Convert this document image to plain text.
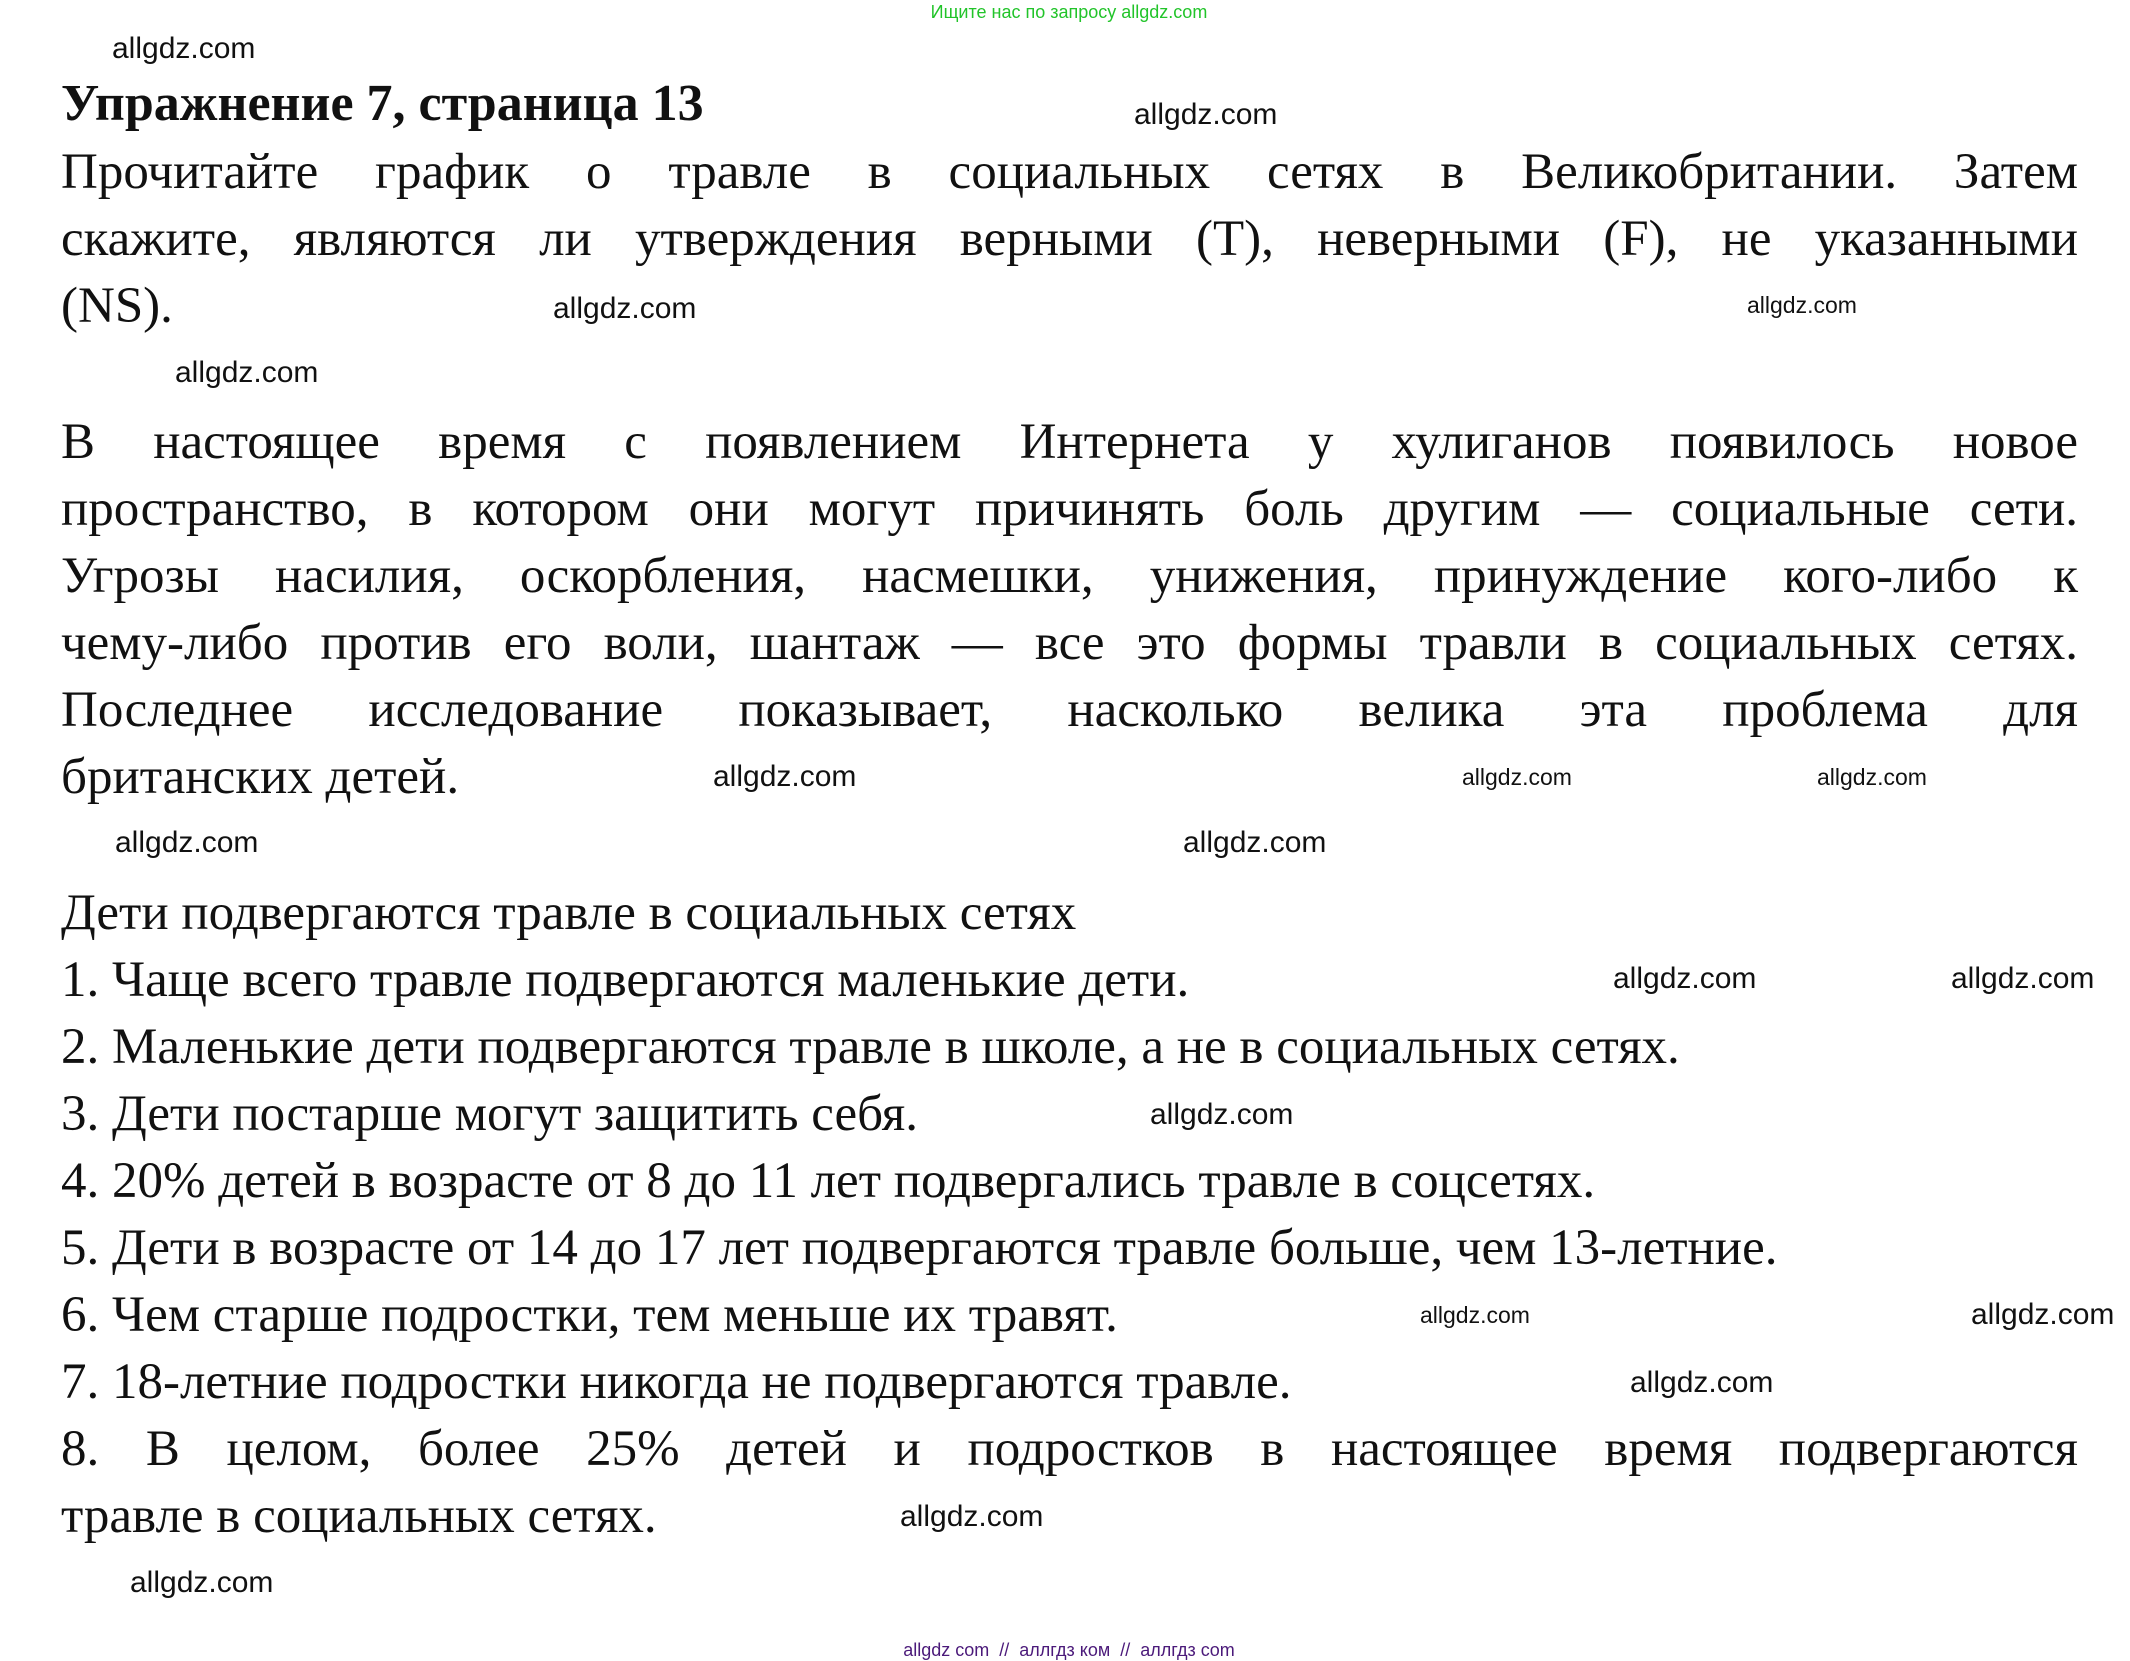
Ищите нас по запросу allgdz.com
Упражнение 7, страница 13
Прочитайте график о травле в социальных сетях в Великобритании. Затем
скажите, являются ли утверждения верными (T), неверными (F), не указанными
(NS).
В настоящее время с появлением Интернета у хулиганов появилось новое
пространство, в котором они могут причинять боль другим — социальные сети.
Угрозы насилия, оскорбления, насмешки, унижения, принуждение кого-либо к
чему-либо против его воли, шантаж — все это формы травли в социальных сетях.
Последнее исследование показывает, насколько велика эта проблема для
британских детей.
Дети подвергаются травле в социальных сетях
1. Чаще всего травле подвергаются маленькие дети.
2. Маленькие дети подвергаются травле в школе, а не в социальных сетях.
3. Дети постарше могут защитить себя.
4. 20% детей в возрасте от 8 до 11 лет подвергались травле в соцсетях.
5. Дети в возрасте от 14 до 17 лет подвергаются травле больше, чем 13-летние.
6. Чем старше подростки, тем меньше их травят.
7. 18-летние подростки никогда не подвергаются травле.
8. В целом, более 25% детей и подростков в настоящее время подвергаются
травле в социальных сетях.
allgdz.com
allgdz.com
allgdz.com
allgdz.com
allgdz.com
allgdz.com	allgdz.com
allgdz.com
allgdz.com
allgdz.com
allgdz.com	allgdz.com
allgdz.com
allgdz.com	allgdz.com
allgdz.com
allgdz.com
allgdz.com
allgdz com  //  аллгдз ком  //  аллгдз com
